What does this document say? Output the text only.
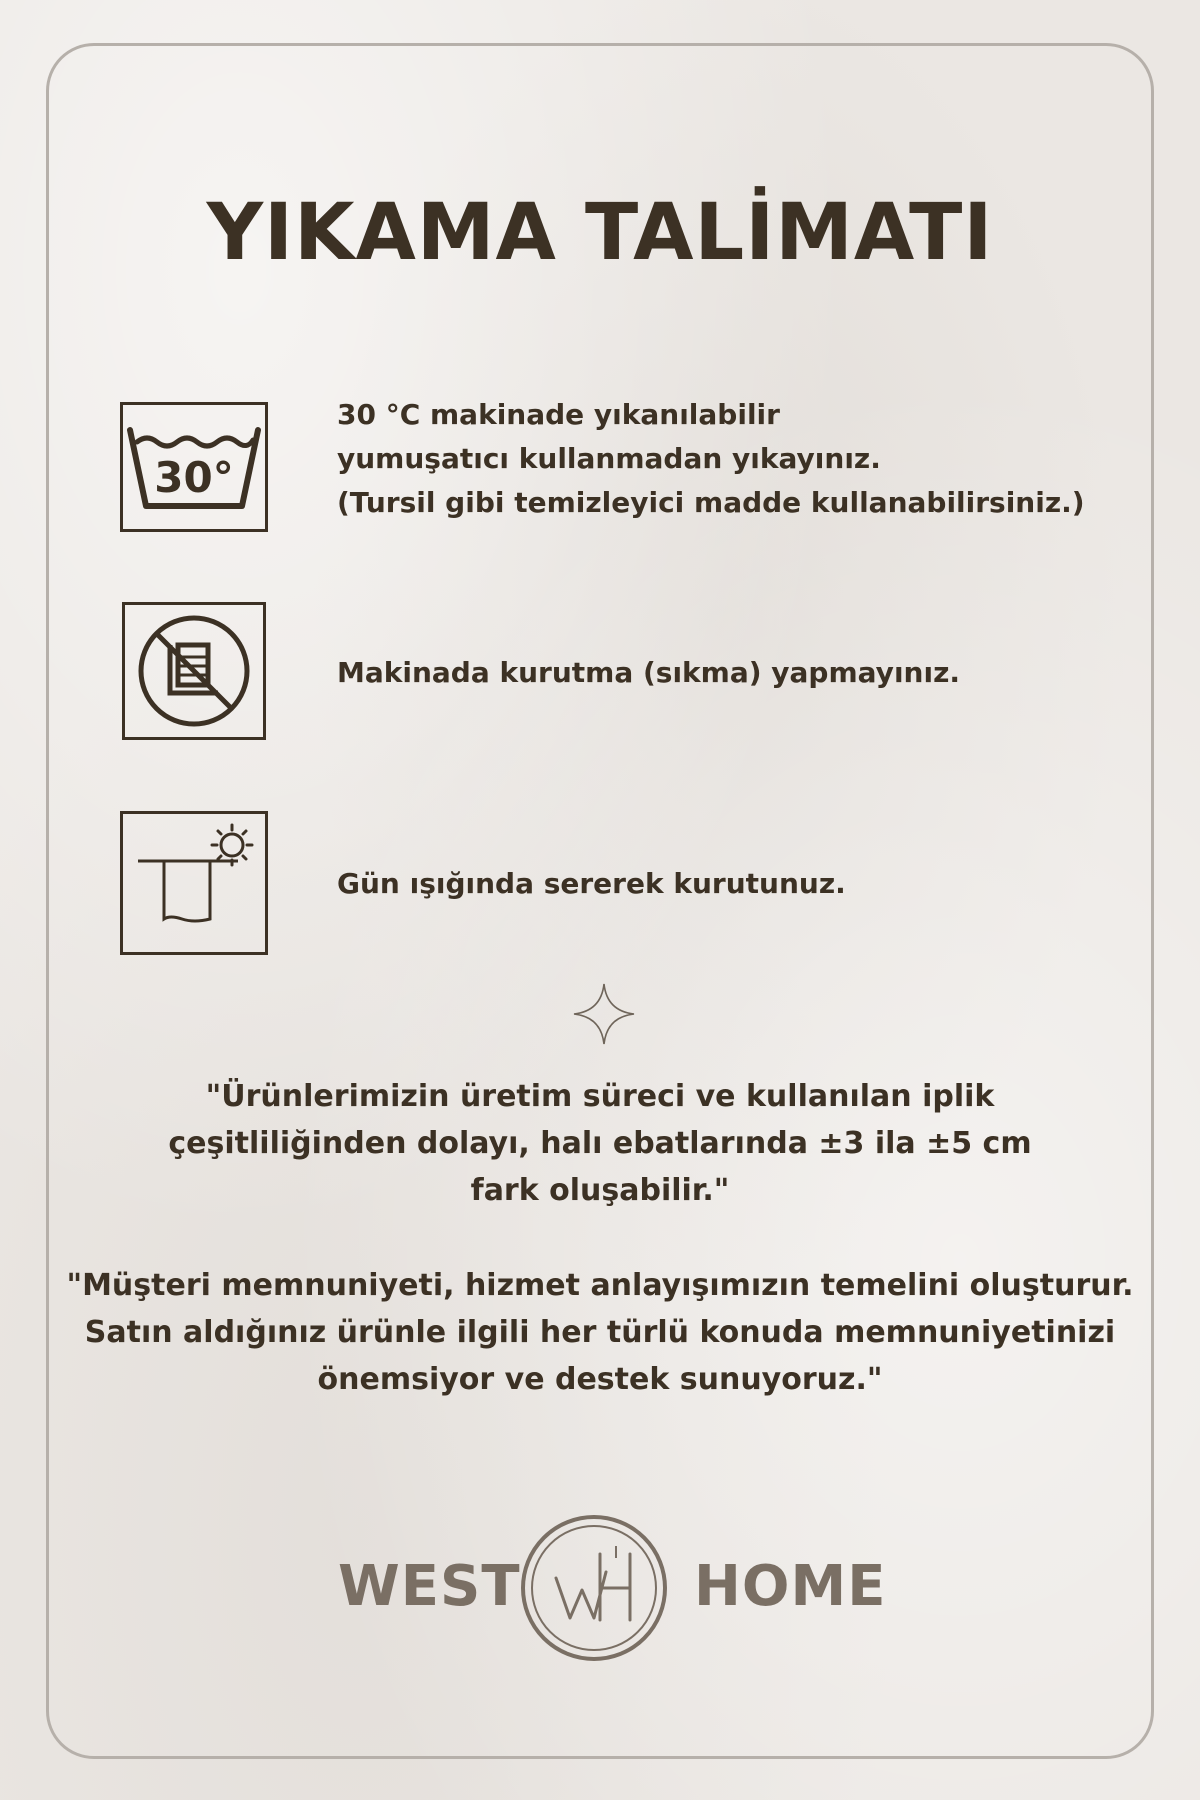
YIKAMA TALİMATI
30°

30 °C makinade yıkanılabilir
yumuşatıcı kullanmadan yıkayınız.
(Tursil gibi temizleyici madde kullanabilirsiniz.)

Makinada kurutma (sıkma) yapmayınız.

Gün ışığında sererek kurutunuz.

"Ürünlerimizin üretim süreci ve kullanılan iplik
çeşitliliğinden dolayı, halı ebatlarında ±3 ila ±5 cm
fark oluşabilir."

"Müşteri memnuniyeti, hizmet anlayışımızın temelini oluşturur.
Satın aldığınız ürünle ilgili her türlü konuda memnuniyetinizi
önemsiyor ve destek sunuyoruz."

WEST	HOME
